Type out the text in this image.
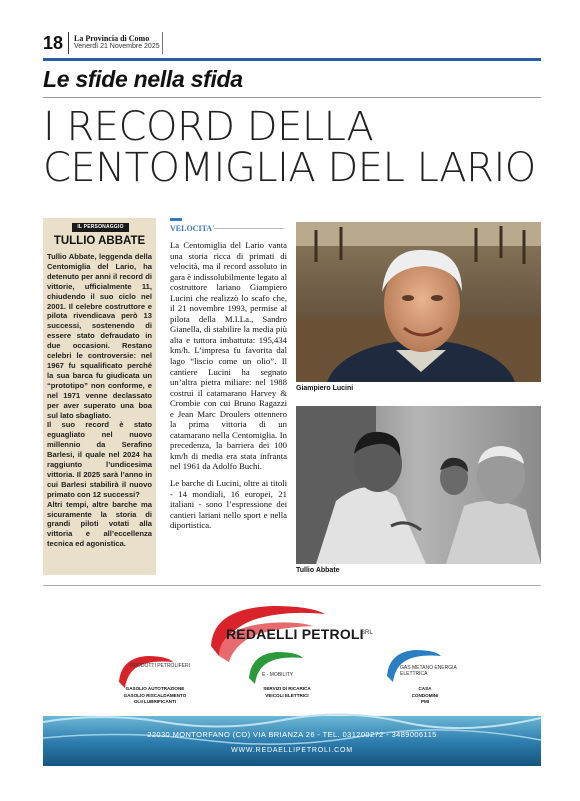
18 La Provincia di Como
Venerdì 21 Novembre 2025
Le sfide nella sfida
I RECORD DELLA CENTOMIGLIA DEL LARIO
IL PERSONAGGIO
TULLIO ABBATE

Tullio Abbate, leggenda della Centomiglia del Lario, ha detenuto per anni il record di vittorie, ufficialmente 11, chiudendo il suo ciclo nel 2001. Il celebre costruttore e pilota rivendicava però 13 successi, sostenendo di essere stato defraudato in due occasioni. Restano celebri le controversie: nel 1967 fu squalificato perché la sua barca fu giudicata un “prototipo” non conforme, e nel 1971 venne declassato per aver superato una boa sul lato sbagliato.

Il suo record è stato eguagliato nel nuovo millennio da Serafino Barlesi, il quale nel 2024 ha raggiunto l’undicesima vittoria. Il 2025 sarà l’anno in cui Barlesi stabilirà il nuovo primato con 12 successi?

Altri tempi, altre barche ma sicuramente la storia di grandi piloti votati alla vittoria e all’eccellenza tecnica ed agonistica.

VELOCITA'

La Centomiglia del Lario vanta una storia ricca di primati di velocità, ma il record assoluto in gara è indissolubilmente legato al costruttore lariano Giampiero Lucini che realizzò lo scafo che, il 21 novembre 1993, permise al pilota della M.I.La., Sandro Gianella, di stabilire la media più alta e tuttora imbattuta: 195,434 km/h. L’impresa fu favorita dal lago “liscio come un olio”. Il cantiere Lucini ha segnato un’altra pietra miliare: nel 1988 costruì il catamarano Harvey & Crombie con cui Bruno Ragazzi e Jean Marc Droulers ottennero la prima vittoria di un catamarano nella Centomiglia. In precedenza, la barriera dei 100 km/h di media era stata infranta nel 1961 da Adolfo Buchi.

Le barche di Lucini, oltre ai titoli - 14 mondiali, 16 europei, 21 italiani - sono l’espressione dei cantieri lariani nello sport e nella diportistica.

Giampiero Lucini
Tullio Abbate
REDAELLI PETROLI
SRL
PRODOTTI PETROLIFERI
E - MOBILITY
GAS METANO ENERGIA ELETTRICA
GASOLIO AUTOTRAZIONE
GASOLIO RISCALDAMENTO
OLII LUBRIFICANTI
SERVIZI DI RICARICA
VEICOLI ELETTRICI
CASA
CONDOMINI
PMI
22030 MONTORFANO (CO) VIA BRIANZA 26 - TEL. 031200272 - 3489006115
WWW.REDAELLIPETROLI.COM
